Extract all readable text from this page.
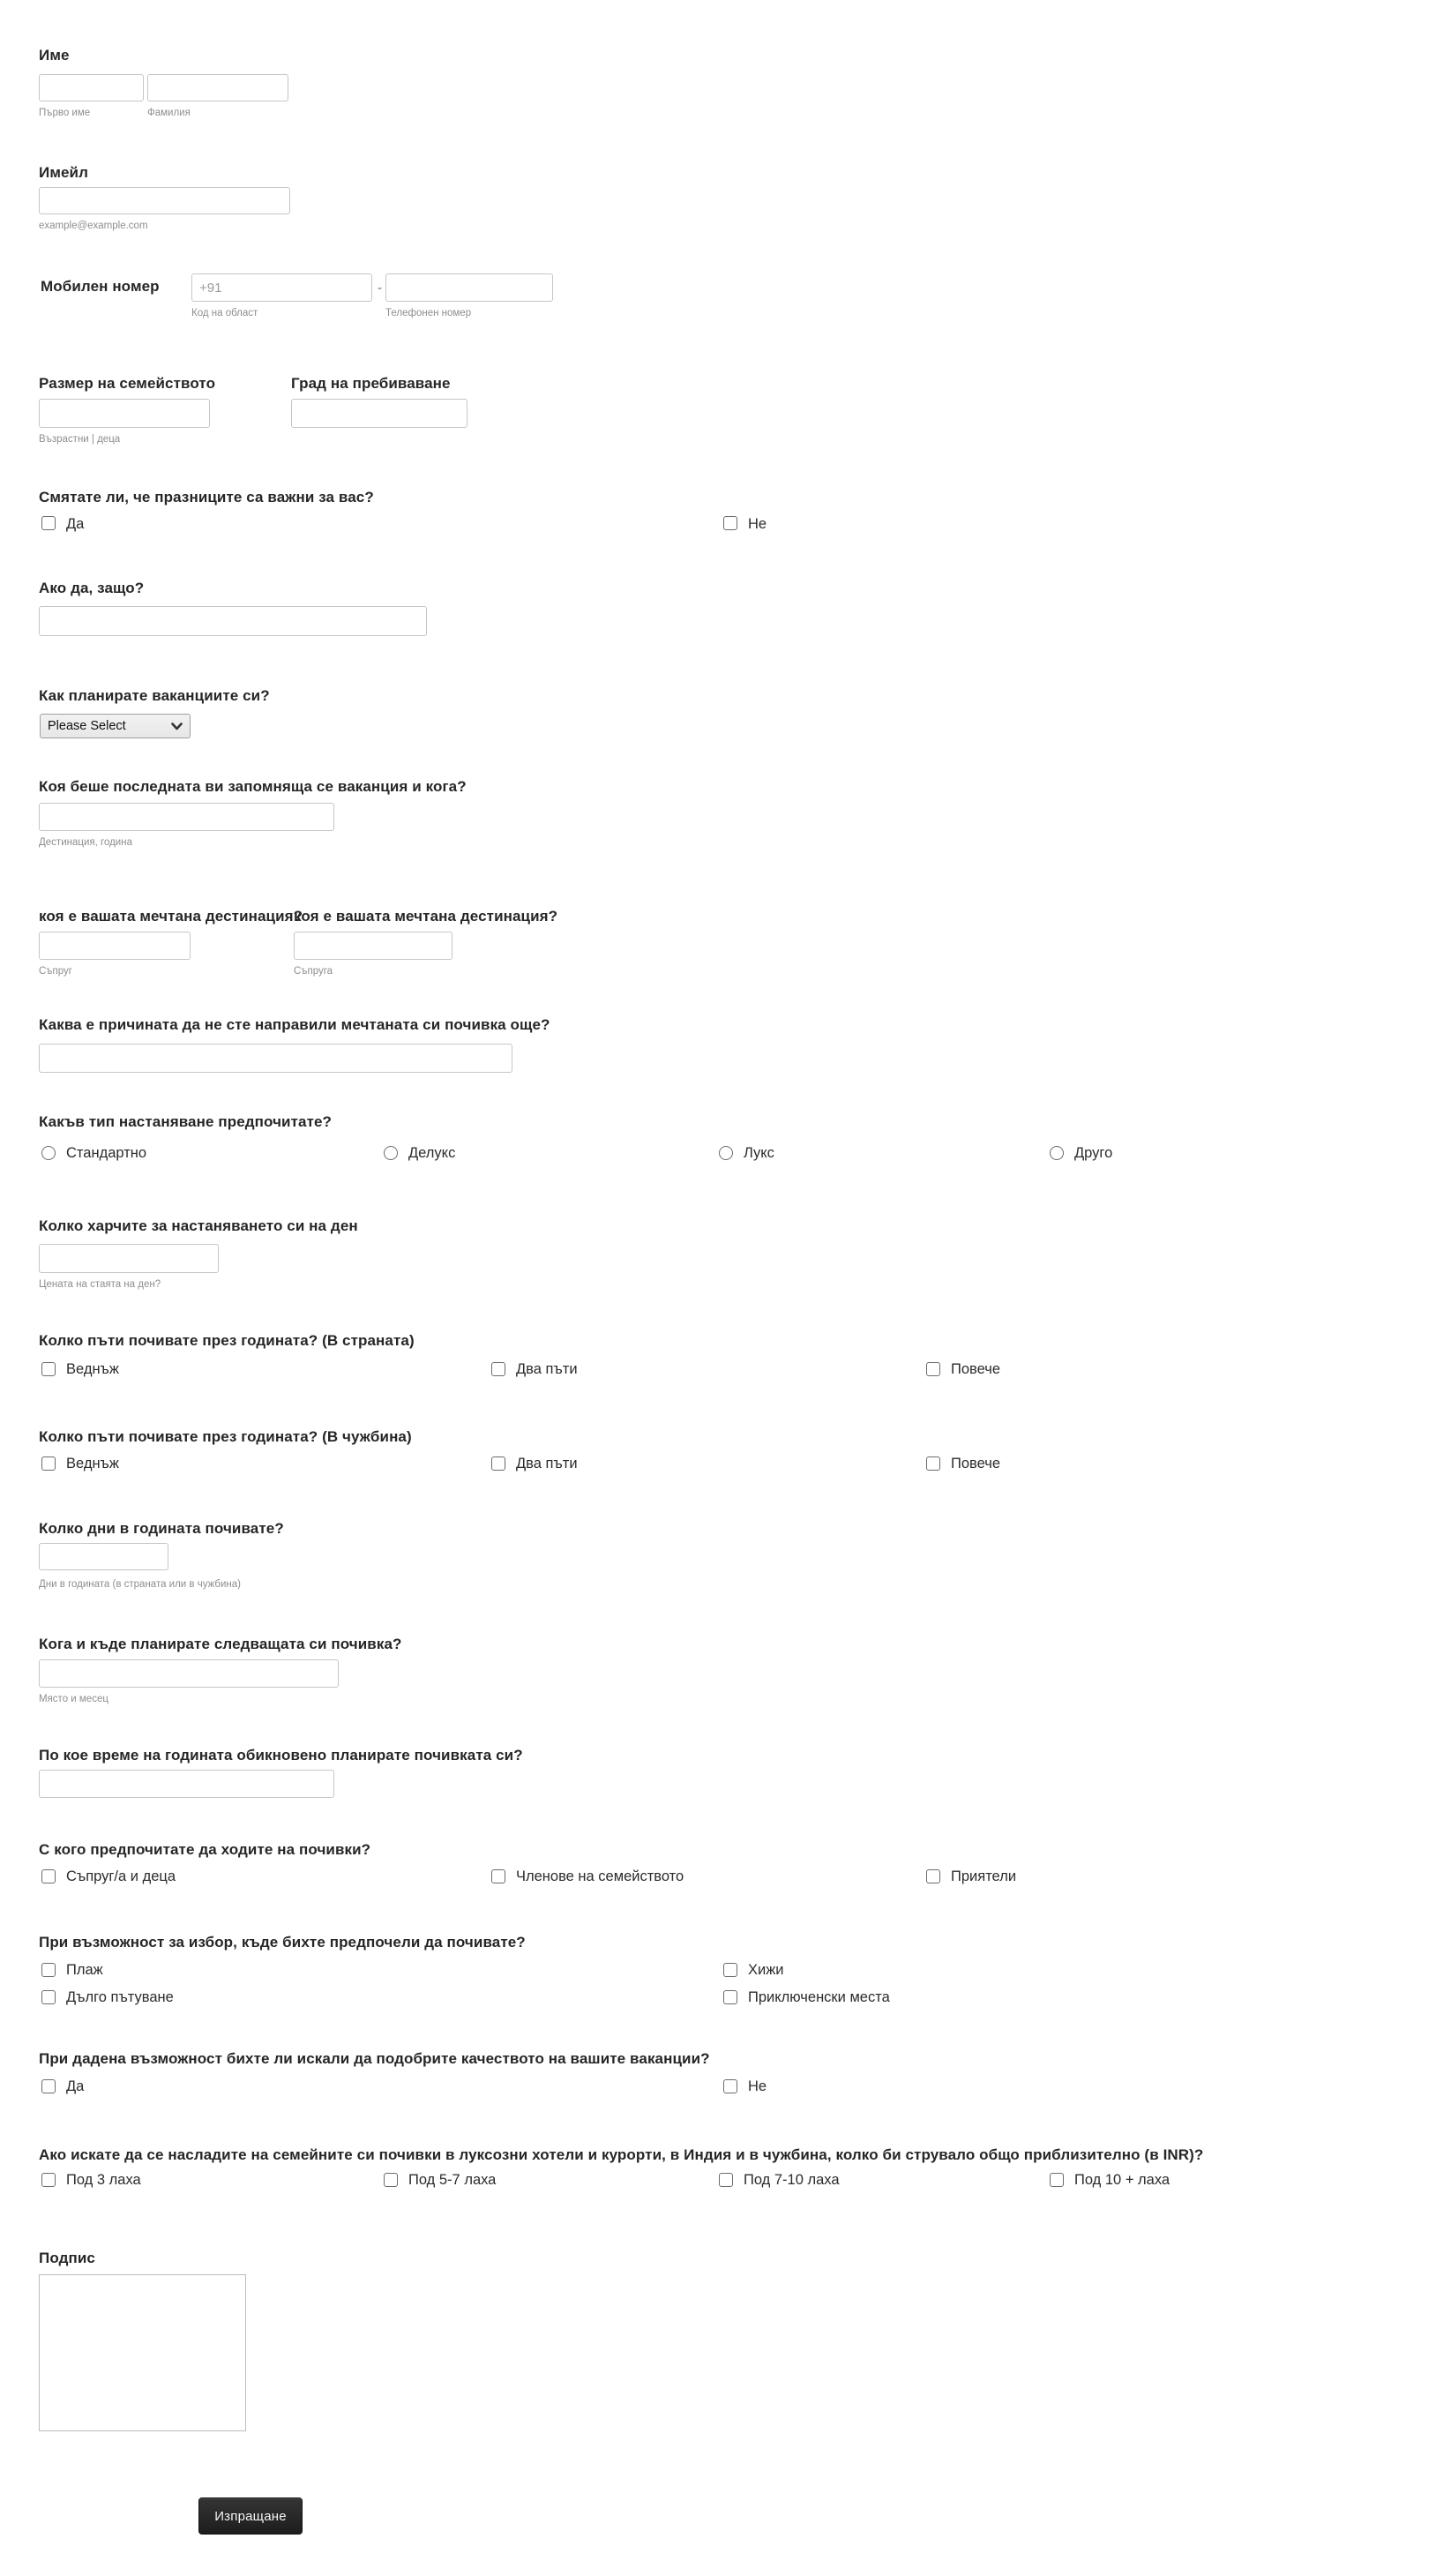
Име
Първо име	Фамилия
Имейл
example@example.com
Мобилен номер
+91
Код на област
-
Телефонен номер
Размер на семейството
Възрастни | деца
Град на пребиваване
Смятате ли, че празниците са важни за вас?
Да	Не
Ако да, защо?
Как планирате ваканциите си?
Please Select
Коя беше последната ви запомняща се ваканция и кога?
Дестинация, година
коя е вашата мечтана дестинация?
Съпруг
коя е вашата мечтана дестинация?
Съпруга
Каква е причината да не сте направили мечтаната си почивка още?
Какъв тип настаняване предпочитате?
Стандартно	Делукс	Лукс	Друго
Колко харчите за настаняването си на ден
Цената на стаята на ден?
Колко пъти почивате през годината? (В страната)
Веднъж	Два пъти	Повече
Колко пъти почивате през годината? (В чужбина)
Веднъж	Два пъти	Повече
Колко дни в годината почивате?
Дни в годината (в страната или в чужбина)
Кога и къде планирате следващата си почивка?
Място и месец
По кое време на годината обикновено планирате почивката си?
С кого предпочитате да ходите на почивки?
Съпруг/а и деца	Членове на семейството	Приятели
При възможност за избор, къде бихте предпочели да почивате?
Плаж	Хижи
Дълго пътуване	Приключенски места
При дадена възможност бихте ли искали да подобрите качеството на вашите ваканции?
Да	Не
Ако искате да се насладите на семейните си почивки в луксозни хотели и курорти, в Индия и в чужбина, колко би струвало общо приблизително (в INR)?
Под 3 лаха	Под 5-7 лаха	Под 7-10 лаха	Под 10 + лаха
Подпис
Изпращане
